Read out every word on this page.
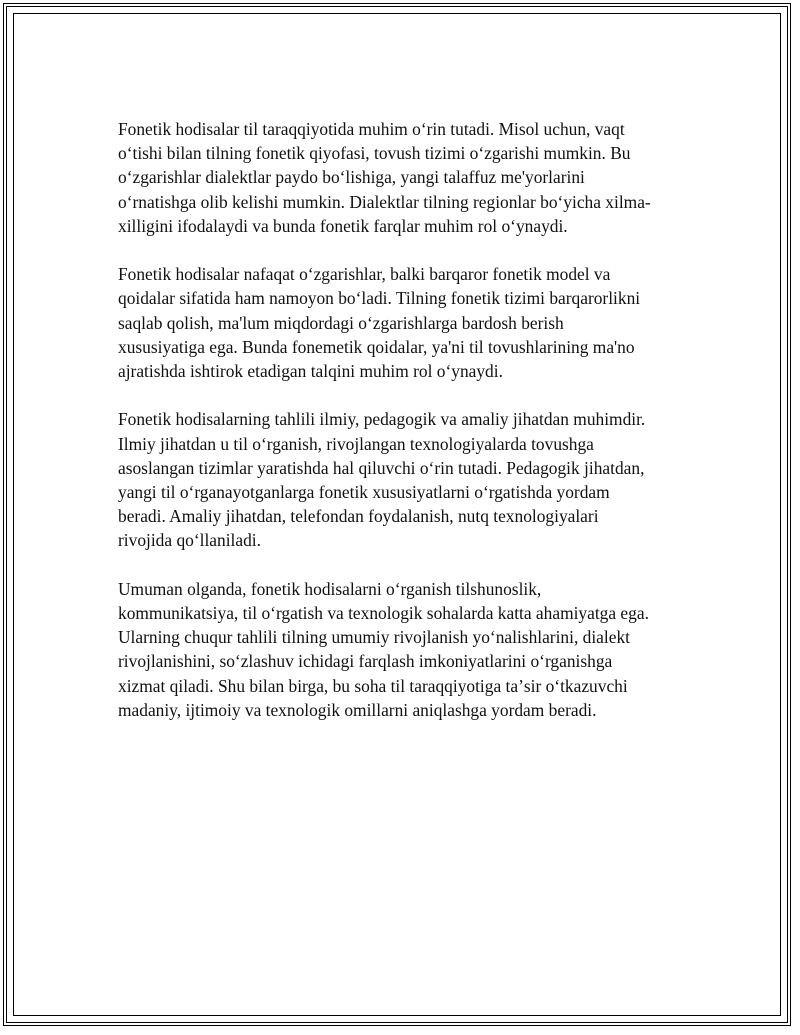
Fonetik hodisalar til taraqqiyotida muhim oʻrin tutadi. Misol uchun, vaqt
oʻtishi bilan tilning fonetik qiyofasi, tovush tizimi oʻzgarishi mumkin. Bu
oʻzgarishlar dialektlar paydo boʻlishiga, yangi talaffuz me'yorlarini
oʻrnatishga olib kelishi mumkin. Dialektlar tilning regionlar boʻyicha xilma-
xilligini ifodalaydi va bunda fonetik farqlar muhim rol oʻynaydi.

Fonetik hodisalar nafaqat oʻzgarishlar, balki barqaror fonetik model va
qoidalar sifatida ham namoyon boʻladi. Tilning fonetik tizimi barqarorlikni
saqlab qolish, ma'lum miqdordagi oʻzgarishlarga bardosh berish
xususiyatiga ega. Bunda fonemetik qoidalar, ya'ni til tovushlarining ma'no
ajratishda ishtirok etadigan talqini muhim rol oʻynaydi.

Fonetik hodisalarning tahlili ilmiy, pedagogik va amaliy jihatdan muhimdir.
Ilmiy jihatdan u til oʻrganish, rivojlangan texnologiyalarda tovushga
asoslangan tizimlar yaratishda hal qiluvchi oʻrin tutadi. Pedagogik jihatdan,
yangi til oʻrganayotganlarga fonetik xususiyatlarni oʻrgatishda yordam
beradi. Amaliy jihatdan, telefondan foydalanish, nutq texnologiyalari
rivojida qoʻllaniladi.

Umuman olganda, fonetik hodisalarni oʻrganish tilshunoslik,
kommunikatsiya, til oʻrgatish va texnologik sohalarda katta ahamiyatga ega.
Ularning chuqur tahlili tilning umumiy rivojlanish yoʻnalishlarini, dialekt
rivojlanishini, soʻzlashuv ichidagi farqlash imkoniyatlarini oʻrganishga
xizmat qiladi. Shu bilan birga, bu soha til taraqqiyotiga taʼsir oʻtkazuvchi
madaniy, ijtimoiy va texnologik omillarni aniqlashga yordam beradi.
